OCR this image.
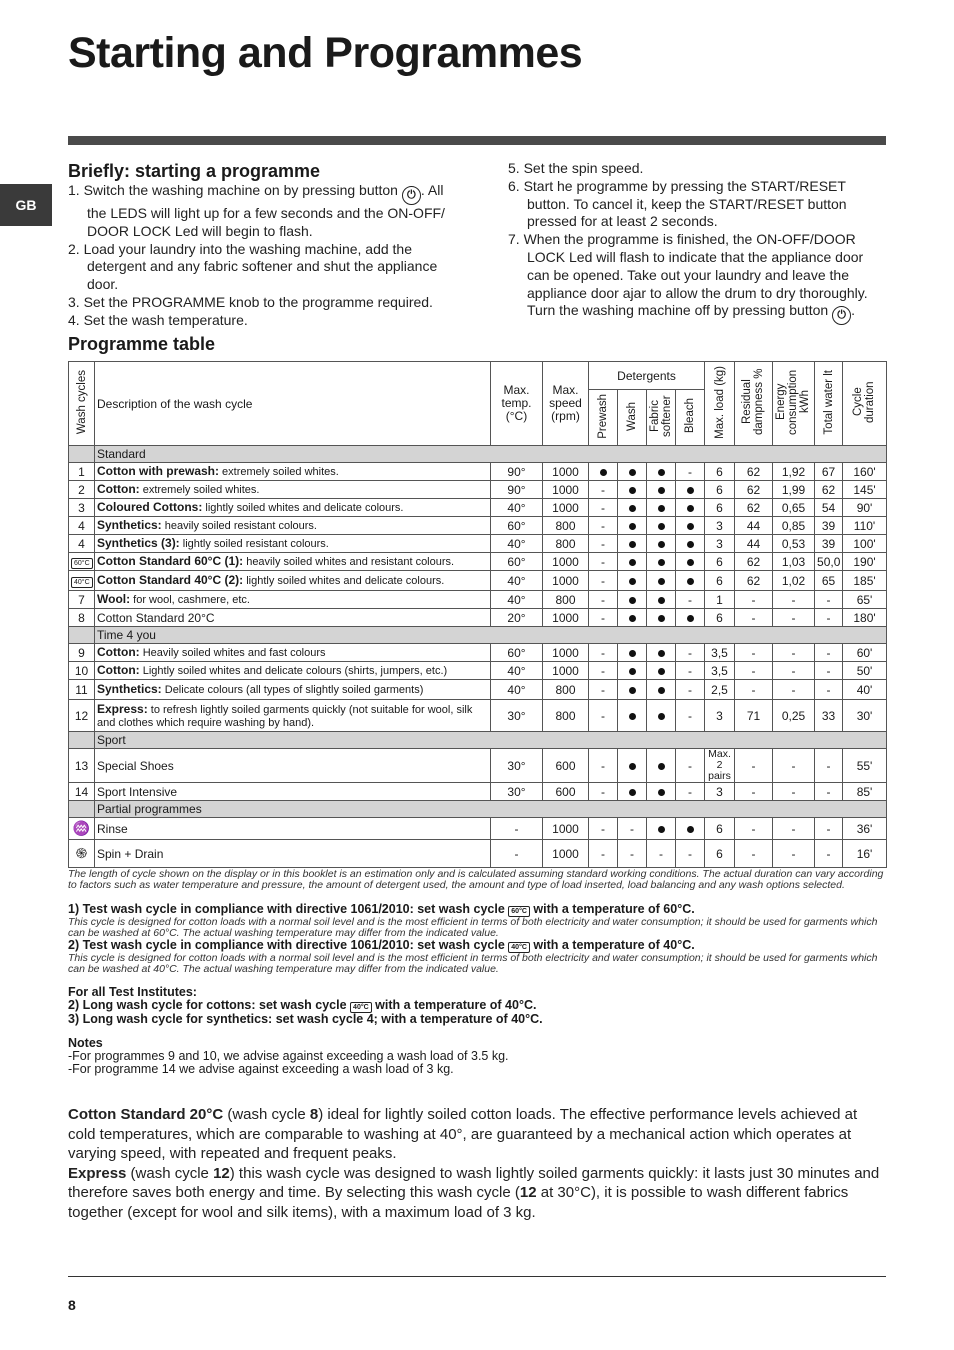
Starting and Programmes
GB
Briefly: starting a programme
1. Switch the washing machine on by pressing button ⏻ . All the LEDS will light up for a few seconds and the ON-OFF/ DOOR LOCK Led will begin to flash.
2. Load your laundry into the washing machine, add the detergent and any fabric softener and shut the appliance door.
3. Set the PROGRAMME knob to the programme required.
4. Set the wash temperature.
5. Set the spin speed.
6. Start he programme by pressing the START/RESET button. To cancel it, keep the START/RESET button pressed for at least 2 seconds.
7. When the programme is finished, the ON-OFF/DOOR LOCK Led will flash to indicate that the appliance door can be opened. Take out your laundry and leave the appliance door ajar to allow the drum to dry thoroughly. Turn the washing machine off by pressing button ⏻ .
Programme table
Wash cycles	Description of the wash cycle	Max. temp. (°C)	Max. speed (rpm)	Detergents				Max. load (kg)	Residual dampness %	Energy consumption kWh	Total water lt	Cycle duration
				Prewash	Wash	Fabric softener	Bleach					
	Standard											
1	Cotton with prewash: extremely soiled whites.	90°	1000				-	6	62	1,92	67	160'
2	Cotton: extremely soiled whites.	90°	1000	-				6	62	1,99	62	145'
3	Coloured Cottons: lightly soiled whites and delicate colours.	40°	1000	-				6	62	0,65	54	90'
4	Synthetics: heavily soiled resistant colours.	60°	800	-				3	44	0,85	39	110'
4	Synthetics (3): lightly soiled resistant colours.	40°	800	-				3	44	0,53	39	100'
60°C	Cotton Standard 60°C (1): heavily soiled whites and resistant colours.	60°	1000	-				6	62	1,03	50,0	190'
40°C	Cotton Standard 40°C (2): lightly soiled whites and delicate colours.	40°	1000	-				6	62	1,02	65	185'
7	Wool: for wool, cashmere, etc.	40°	800	-			-	1	-	-	-	65'
8	Cotton Standard 20°C	20°	1000	-				6	-	-	-	180'
	Time 4 you											
9	Cotton: Heavily soiled whites and fast colours	60°	1000	-			-	3,5	-	-	-	60'
10	Cotton: Lightly soiled whites and delicate colours (shirts, jumpers, etc.)	40°	1000	-			-	3,5	-	-	-	50'
11	Synthetics: Delicate colours (all types of slightly soiled garments)	40°	800	-			-	2,5	-	-	-	40'
12	Express: to refresh lightly soiled garments quickly (not suitable for wool, silk and clothes which require washing by hand).	30°	800	-			-	3	71	0,25	33	30'
	Sport											
13	Special Shoes	30°	600	-			-	Max. 2 pairs	-	-	-	55'
14	Sport Intensive	30°	600	-			-	3	-	-	-	85'
	Partial programmes											
♒	Rinse	-	1000	-	-			6	-	-	-	36'
֍	Spin + Drain	-	1000	-	-	-	-	6	-	-	-	16'
The length of cycle shown on the display or in this booklet is an estimation only and is calculated assuming standard working conditions. The actual duration can vary according to factors such as water temperature and pressure, the amount of detergent used, the amount and type of load inserted, load balancing and any wash options selected.
1) Test wash cycle in compliance with directive 1061/2010: set wash cycle 60°C with a temperature of 60°C.
This cycle is designed for cotton loads with a normal soil level and is the most efficient in terms of both electricity and water consumption; it should be used for garments which can be washed at 60°C. The actual washing temperature may differ from the indicated value.
2) Test wash cycle in compliance with directive 1061/2010: set wash cycle 40°C with a temperature of 40°C.
This cycle is designed for cotton loads with a normal soil level and is the most efficient in terms of both electricity and water consumption; it should be used for garments which can be washed at 40°C. The actual washing temperature may differ from the indicated value.
For all Test Institutes:
2) Long wash cycle for cottons: set wash cycle 40°C with a temperature of 40°C.
3) Long wash cycle for synthetics: set wash cycle 4; with a temperature of 40°C.
Notes
-For programmes 9 and 10, we advise against exceeding a wash load of 3.5 kg.
-For programme 14 we advise against exceeding a wash load of 3 kg.
Cotton Standard 20°C (wash cycle 8) ideal for lightly soiled cotton loads. The effective performance levels achieved at cold temperatures, which are comparable to washing at 40°, are guaranteed by a mechanical action which operates at varying speed, with repeated and frequent peaks.
Express (wash cycle 12) this wash cycle was designed to wash lightly soiled garments quickly: it lasts just 30 minutes and therefore saves both energy and time. By selecting this wash cycle (12 at 30°C), it is possible to wash different fabrics together (except for wool and silk items), with a maximum load of 3 kg.
8
